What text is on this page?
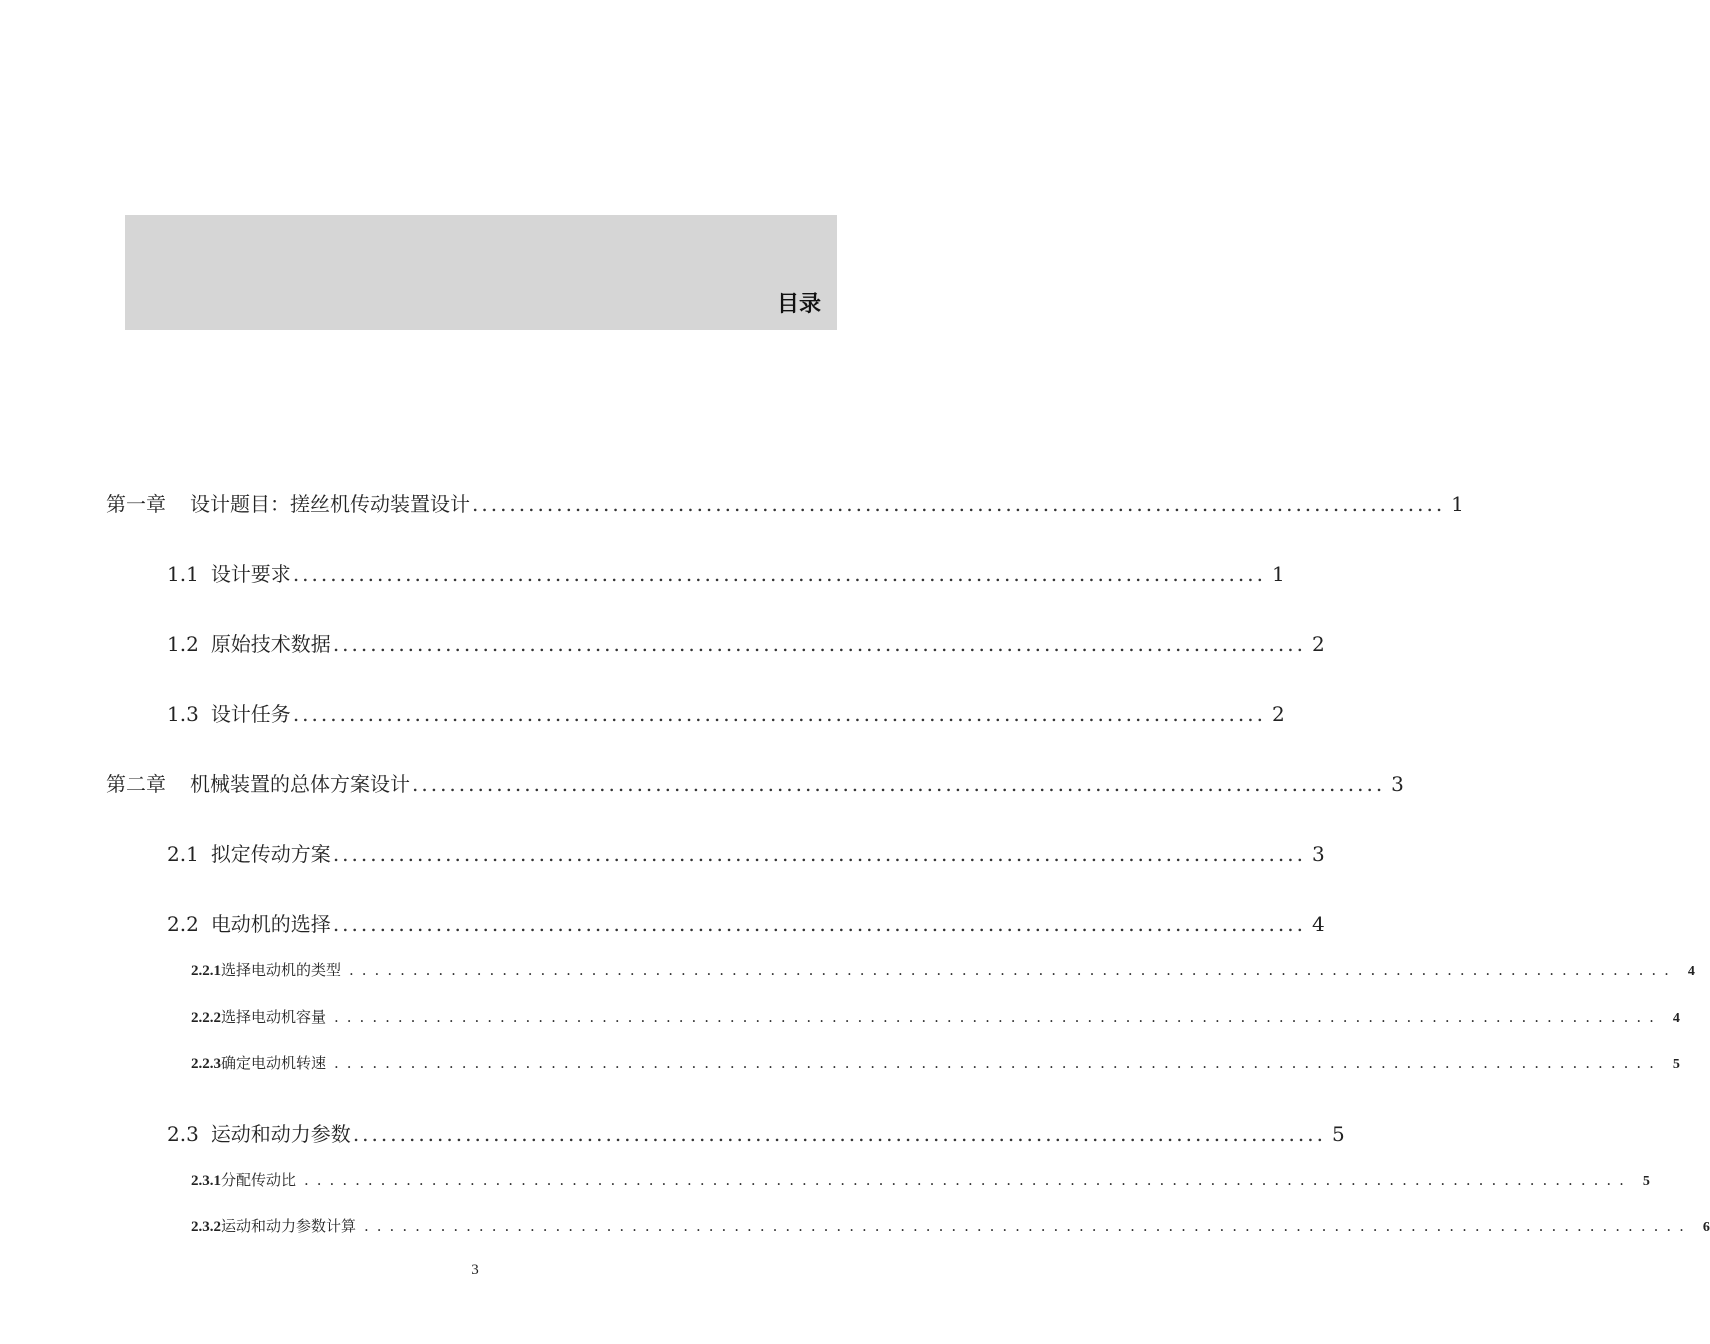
目录
第一章 设计题目：搓丝机传动装置设计 ........................................................................................................ 1
1.1 设计要求 ........................................................................................................ 1
1.2 原始技术数据 ........................................................................................................ 2
1.3 设计任务 ........................................................................................................ 2
第二章 机械装置的总体方案设计 ........................................................................................................ 3
2.1 拟定传动方案 ........................................................................................................ 3
2.2 电动机的选择 ........................................................................................................ 4
2.2.1 选择电动机的类型 ........................................................................................................ 4
2.2.2 选择电动机容量 ........................................................................................................ 4
2.2.3 确定电动机转速 ........................................................................................................ 5
2.3 运动和动力参数 ........................................................................................................ 5
2.3.1 分配传动比 ........................................................................................................ 5
2.3.2 运动和动力参数计算 ........................................................................................................ 6
3
